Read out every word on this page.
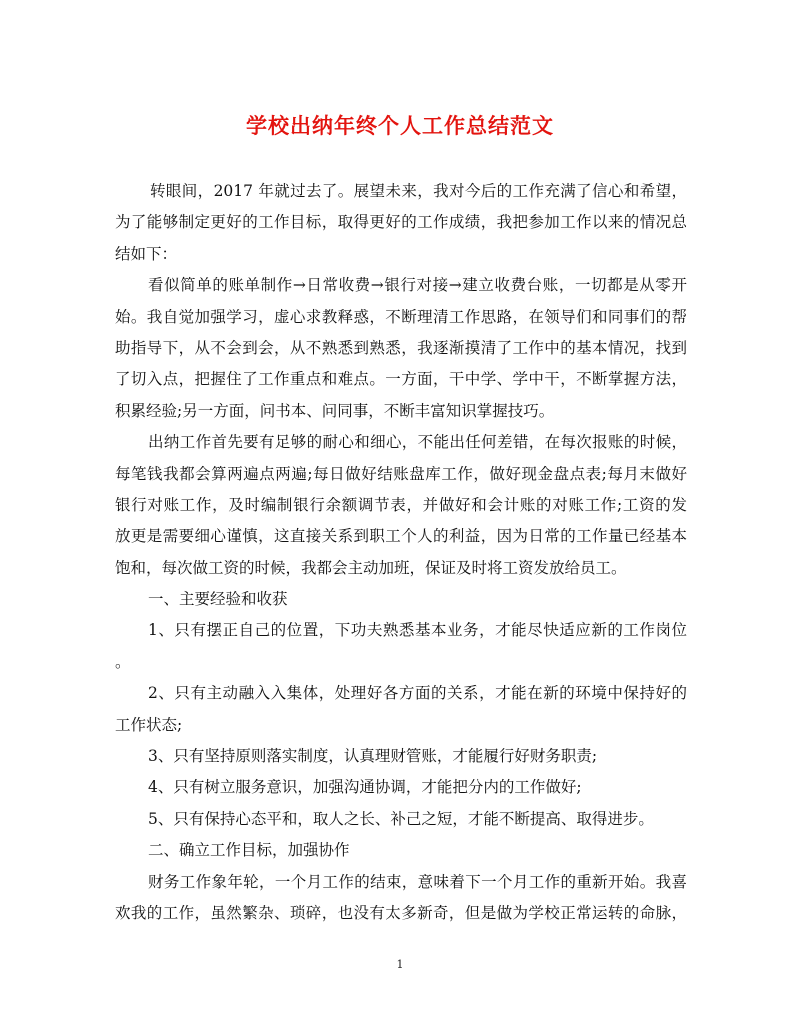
学校出纳年终个人工作总结范文
转眼间，2017 年就过去了。展望未来，我对今后的工作充满了信心和希望，
为了能够制定更好的工作目标，取得更好的工作成绩，我把参加工作以来的情况总
结如下：
看似简单的账单制作→日常收费→银行对接→建立收费台账，一切都是从零开
始。我自觉加强学习，虚心求教释惑，不断理清工作思路，在领导们和同事们的帮
助指导下，从不会到会，从不熟悉到熟悉，我逐渐摸清了工作中的基本情况，找到
了切入点，把握住了工作重点和难点。一方面，干中学、学中干，不断掌握方法，
积累经验;另一方面，问书本、问同事，不断丰富知识掌握技巧。
出纳工作首先要有足够的耐心和细心，不能出任何差错，在每次报账的时候，
每笔钱我都会算两遍点两遍;每日做好结账盘库工作，做好现金盘点表;每月末做好
银行对账工作，及时编制银行余额调节表，并做好和会计账的对账工作;工资的发
放更是需要细心谨慎，这直接关系到职工个人的利益，因为日常的工作量已经基本
饱和，每次做工资的时候，我都会主动加班，保证及时将工资发放给员工。
一、主要经验和收获
1、只有摆正自己的位置，下功夫熟悉基本业务，才能尽快适应新的工作岗位
。
2、只有主动融入入集体，处理好各方面的关系，才能在新的环境中保持好的
工作状态;
3、只有坚持原则落实制度，认真理财管账，才能履行好财务职责;
4、只有树立服务意识，加强沟通协调，才能把分内的工作做好;
5、只有保持心态平和，取人之长、补己之短，才能不断提高、取得进步。
二、确立工作目标，加强协作
财务工作象年轮，一个月工作的结束，意味着下一个月工作的重新开始。我喜
欢我的工作，虽然繁杂、琐碎，也没有太多新奇，但是做为学校正常运转的命脉，
1
